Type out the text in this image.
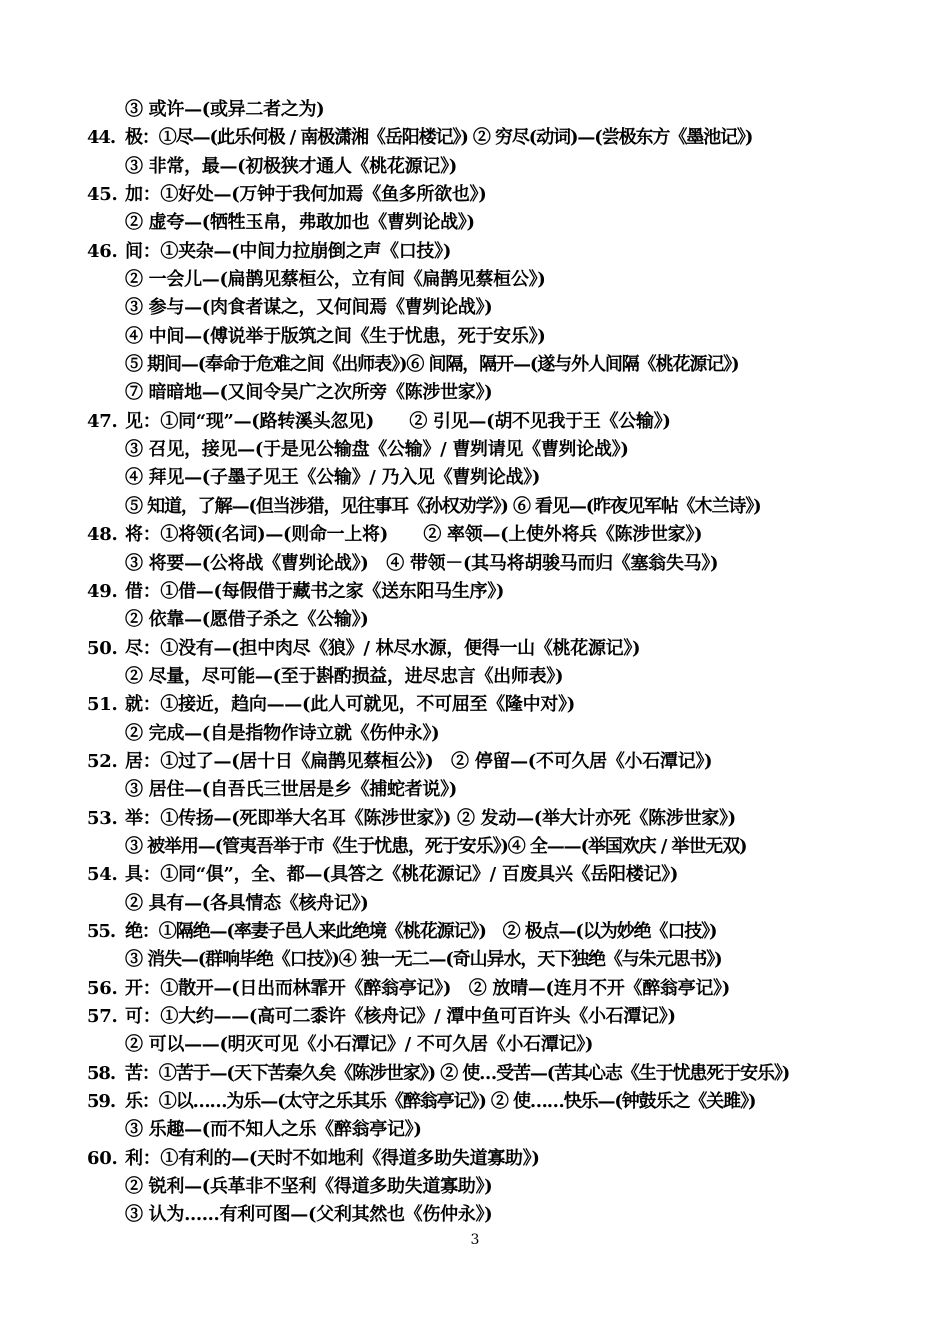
③ 或许—(或异二者之为)
44. 极：①尽—(此乐何极 / 南极潇湘《岳阳楼记》) ② 穷尽(动词)—(尝极东方《墨池记》)
③ 非常，最—(初极狭才通人《桃花源记》)
45. 加：①好处—(万钟于我何加焉《鱼多所欲也》)
② 虚夸—(牺牲玉帛，弗敢加也《曹刿论战》)
46. 间：①夹杂—(中间力拉崩倒之声《口技》)
② 一会儿—(扁鹊见蔡桓公，立有间《扁鹊见蔡桓公》)
③ 参与—(肉食者谋之，又何间焉《曹刿论战》)
④ 中间—(傅说举于版筑之间《生于忧患，死于安乐》)
⑤ 期间—(奉命于危难之间《出师表》)⑥ 间隔，隔开—(遂与外人间隔《桃花源记》)
⑦ 暗暗地—(又间令吴广之次所旁《陈涉世家》)
47. 见：①同“现”—(路转溪头忽见)　　② 引见—(胡不见我于王《公输》)
③ 召见，接见—(于是见公输盘《公输》/ 曹刿请见《曹刿论战》)
④ 拜见—(子墨子见王《公输》/ 乃入见《曹刿论战》)
⑤ 知道，了解—(但当涉猎，见往事耳《孙权劝学》) ⑥ 看见—(昨夜见军帖《木兰诗》)
48. 将：①将领(名词)—(则命一上将)　　② 率领—(上使外将兵《陈涉世家》)
③ 将要—(公将战《曹刿论战》)　④ 带领－(其马将胡骏马而归《塞翁失马》)
49. 借：①借—(每假借于藏书之家《送东阳马生序》)
② 依靠—(愿借子杀之《公输》)
50. 尽：①没有—(担中肉尽《狼》/ 林尽水源，便得一山《桃花源记》)
② 尽量，尽可能—(至于斟酌损益，进尽忠言《出师表》)
51. 就：①接近，趋向——(此人可就见，不可屈至《隆中对》)
② 完成—(自是指物作诗立就《伤仲永》)
52. 居：①过了—(居十日《扁鹊见蔡桓公》)　② 停留—(不可久居《小石潭记》)
③ 居住—(自吾氏三世居是乡《捕蛇者说》)
53. 举：①传扬—(死即举大名耳《陈涉世家》) ② 发动—(举大计亦死《陈涉世家》)
③ 被举用—(管夷吾举于市《生于忧患，死于安乐》)④ 全——(举国欢庆 / 举世无双)
54. 具：①同“俱”，全、都—(具答之《桃花源记》/ 百废具兴《岳阳楼记》)
② 具有—(各具情态《核舟记》)
55. 绝：①隔绝—(率妻子邑人来此绝境《桃花源记》)　② 极点—(以为妙绝《口技》)
③ 消失—(群响毕绝《口技》)④ 独一无二—(奇山异水，天下独绝《与朱元思书》)
56. 开：①散开—(日出而林霏开《醉翁亭记》)　② 放晴—(连月不开《醉翁亭记》)
57. 可：①大约——(高可二黍许《核舟记》/ 潭中鱼可百许头《小石潭记》)
② 可以——(明灭可见《小石潭记》/ 不可久居《小石潭记》)
58. 苦：①苦于—(天下苦秦久矣《陈涉世家》) ② 使…受苦—(苦其心志《生于忧患死于安乐》)
59. 乐：①以……为乐—(太守之乐其乐《醉翁亭记》) ② 使……快乐—(钟鼓乐之《关雎》)
③ 乐趣—(而不知人之乐《醉翁亭记》)
60. 利：①有利的—(天时不如地利《得道多助失道寡助》)
② 锐利—(兵革非不坚利《得道多助失道寡助》)
③ 认为……有利可图—(父利其然也《伤仲永》)
3
